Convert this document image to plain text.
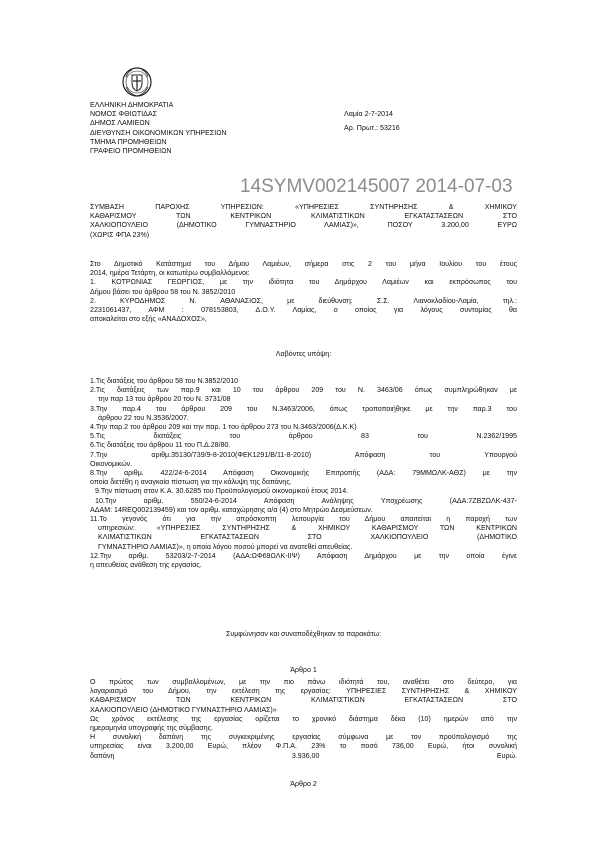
ΕΛΛΗΝΙΚΗ ΔΗΜΟΚΡΑΤΙΑ
ΝΟΜΟΣ ΦΘΙΩΤΙΔΑΣ
ΔΗΜΟΣ ΛΑΜΙΕΩΝ
ΔΙΕΥΘΥΝΣΗ ΟΙΚΟΝΟΜΙΚΩΝ ΥΠΗΡΕΣΙΩΝ
ΤΜΗΜΑ ΠΡΟΜΗΘΕΙΩΝ
ΓΡΑΦΕΙΟ ΠΡΟΜΗΘΕΙΩΝ
Λαμία 2-7-2014
Αρ. Πρωτ.: 53216
14SYMV002145007 2014-07-03
ΣΥΜΒΑΣΗ ΠΑΡΟΧΗΣ ΥΠΗΡΕΣΙΩΝ: «ΥΠΗΡΕΣΙΕΣ ΣΥΝΤΗΡΗΣΗΣ & ΧΗΜΙΚΟΥ
ΚΑΘΑΡΙΣΜΟΥ ΤΩΝ ΚΕΝΤΡΙΚΩΝ ΚΛΙΜΑΤΙΣΤΙΚΩΝ ΕΓΚΑΤΑΣΤΑΣΕΩΝ ΣΤΟ
ΧΑΛΚΙΟΠΟΥΛΕΙΟ (ΔΗΜΟΤΙΚΟ ΓΥΜΝΑΣΤΗΡΙΟ ΛΑΜΙΑΣ)», ΠΟΣΟΥ 3.200,00 ΕΥΡΩ
(ΧΩΡΙΣ ΦΠΑ 23%)
Στο Δημοτικό Κατάστημα του Δήμου Λαμιέων, σήμερα στις 2 του μήνα Ιουλίου του έτους
2014, ημέρα Τετάρτη, οι κατωτέρω συμβαλλόμενοι:
1. ΚΟΤΡΩΝΙΑΣ ΓΕΩΡΓΙΟΣ, με την ιδιότητα του Δημάρχου Λαμιέων και εκπρόσωπος του
Δήμου βάσει του άρθρου 58 του Ν. 3852/2010
2. ΚΥΡΟΔΗΜΟΣ Ν. ΑΘΑΝΑΣΙΟΣ, με διεύθυνση: Σ.Σ. Λιανοκλαδίου-Λαμία, τηλ.:
2231061437, ΑΦΜ : 078153803, Δ.Ο.Υ. Λαμίας, ο οποίος για λόγους συντομίας θα
αποκαλείται στο εξής «ΑΝΑΔΟΧΟΣ»,
Λαβόντες υπόψη:
1.Τις διατάξεις του άρθρου 58 του Ν.3852/2010
2.Τις διατάξεις των παρ.9 και 10 του άρθρου 209 του Ν. 3463/06 όπως συμπληρώθηκαν με
την παρ 13 του άρθρου 20 του Ν. 3731/08
3.Την παρ.4 του άρθρου 209 του Ν.3463/2006, όπως τροποποιήθηκε με την παρ.3 του
άρθρου 22 του Ν.3536/2007.
4.Την παρ.2 του άρθρου 209 και την παρ. 1 του άρθρου 273 του Ν.3463/2006(Δ.Κ.Κ)
5.Τις διατάξεις του άρθρου 83 του Ν.2362/1995
6.Τις διατάξεις του άρθρου 11 του Π.Δ.28/80.
7.Την αριθμ.35130/739/9-8-2010(ΦΕΚ1291/Β/11-8-2010) Απόφαση του Υπουργού
Οικονομικών.
8.Την αριθμ. 422/24-6-2014 Απόφαση Οικονομικής Επιτροπής (ΑΔΑ: 79ΜΜΩΛΚ-ΑΘΖ) με την
οποία διετέθη η αναγκαία πίστωση για την κάλυψη της δαπάνης.
9.Την πίστωση στον Κ.Α. 30.6285 του Προϋπολογισμού οικονομικού έτους 2014.
10.Την αριθμ. 550/24-6-2014 Απόφαση Ανάληψης Υποχρέωσης (ΑΔΑ:7ΖΒΖΩΛΚ-437-
ΑΔΑΜ: 14REQ002139459) και τον αριθμ. καταχώρησης α/α (4) στο Μητρώο Δεσμεύσεων.
11.Το γεγονός ότι για την απρόσκοπτη λειτουργία του Δήμου απαιτείται η παροχή των
υπηρεσιών: «ΥΠΗΡΕΣΙΕΣ ΣΥΝΤΗΡΗΣΗΣ & ΧΗΜΙΚΟΥ ΚΑΘΑΡΙΣΜΟΥ ΤΩΝ ΚΕΝΤΡΙΚΩΝ
ΚΛΙΜΑΤΙΣΤΙΚΩΝ ΕΓΚΑΤΑΣΤΑΣΕΩΝ ΣΤΟ ΧΑΛΚΙΟΠΟΥΛΕΙΟ (ΔΗΜΟΤΙΚΟ
ΓΥΜΝΑΣΤΗΡΙΟ ΛΑΜΙΑΣ)», η οποία λόγου ποσού μπορεί να ανατεθεί απευθείας.
12.Την αριθμ. 53203/2-7-2014 (ΑΔΑ:ΩΦ69ΩΛΚ-ΙΙΨ) Απόφαση Δημάρχου με την οποία έγινε
η απευθείας ανάθεση της εργασίας.
Συμφώνησαν και συναποδέχθηκαν τα παρακάτω:
Άρθρο 1
Ο πρώτος των συμβαλλομένων, με την πιο πάνω ιδιότητά του, αναθέτει στο δεύτερο, για
λογαριασμό του Δήμου, την εκτέλεση της εργασίας: ΥΠΗΡΕΣΙΕΣ ΣΥΝΤΗΡΗΣΗΣ & ΧΗΜΙΚΟΥ
ΚΑΘΑΡΙΣΜΟΥ ΤΩΝ ΚΕΝΤΡΙΚΩΝ ΚΛΙΜΑΤΙΣΤΙΚΩΝ ΕΓΚΑΤΑΣΤΑΣΕΩΝ ΣΤΟ
ΧΑΛΚΙΟΠΟΥΛΕΙΟ (ΔΗΜΟΤΙΚΟ ΓΥΜΝΑΣΤΗΡΙΟ ΛΑΜΙΑΣ)»
Ως χρόνος εκτέλεσης της εργασίας ορίζεται το χρονικό διάστημα δέκα (10) ημερών από την
ημερομηνία υπογραφής της σύμβασης.
Η συνολική δαπάνη της συγκεκριμένης εργασίας σύμφωνα με τον προϋπολογισμό της
υπηρεσίας είναι 3.200,00 Ευρώ, πλέον Φ.Π.Α. 23% το ποσό 736,00 Ευρώ, ήτοι συνολική
δαπάνη 3.936,00 Ευρώ.
Άρθρο 2
